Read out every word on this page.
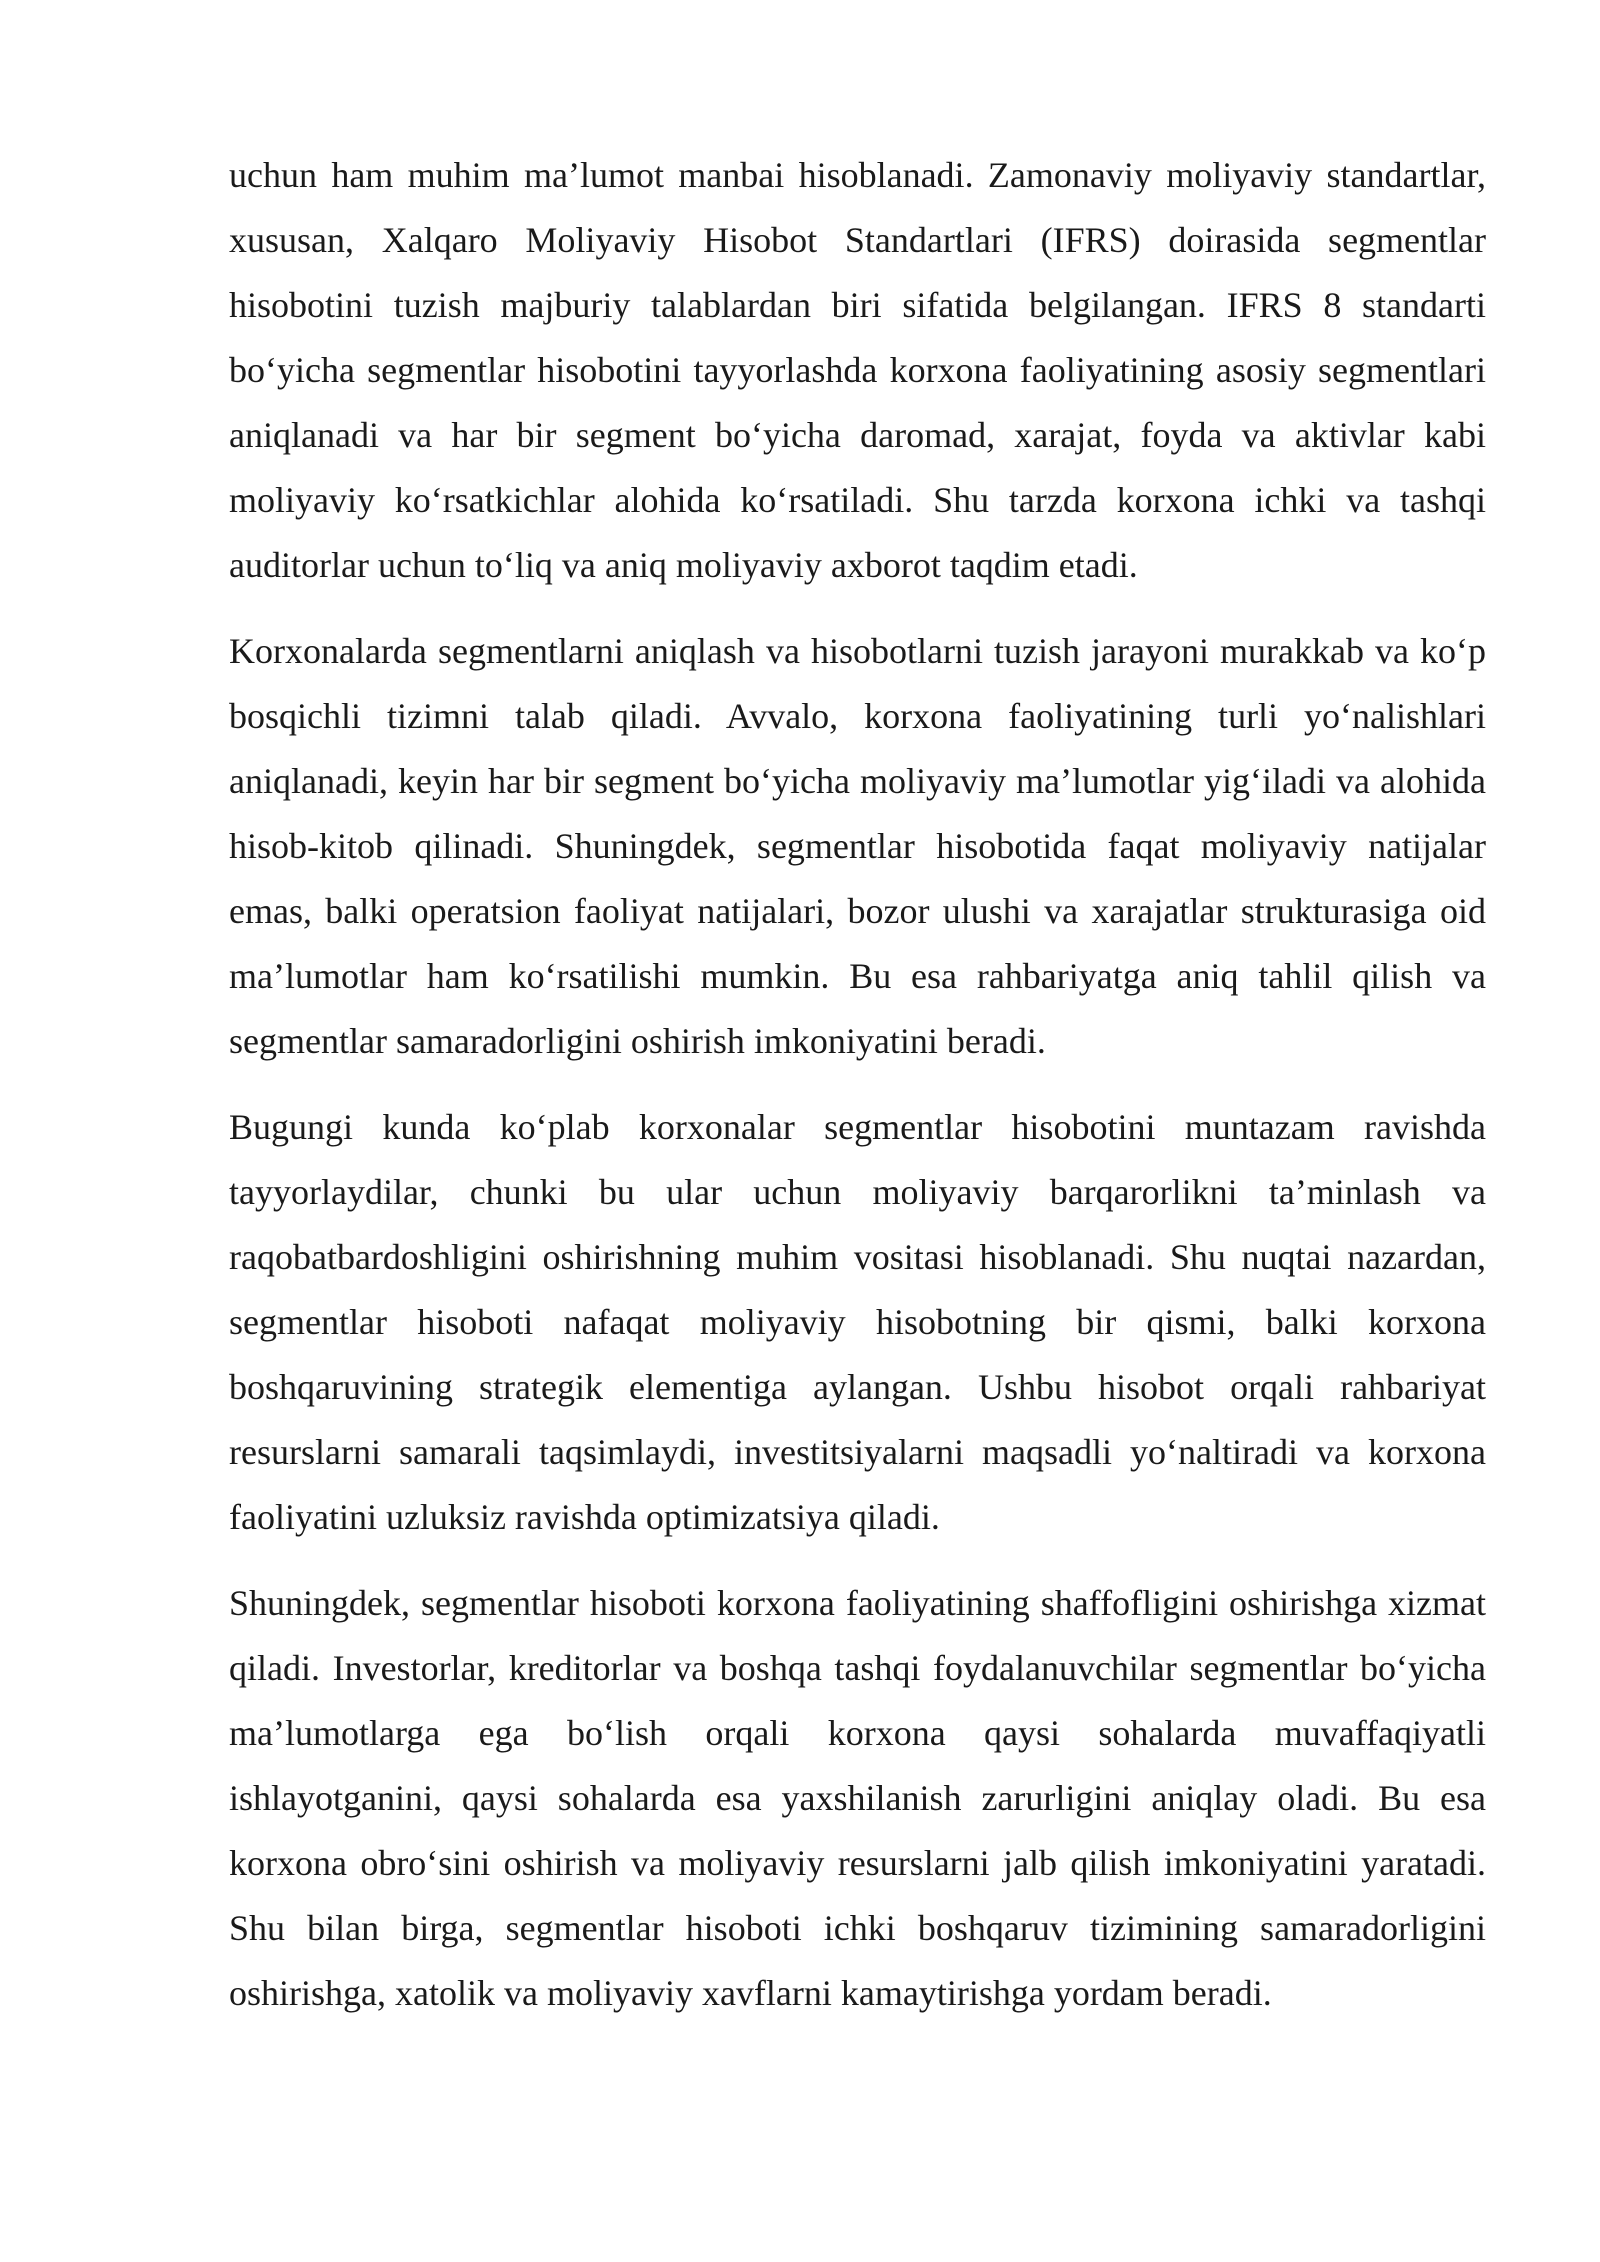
uchun ham muhim ma’lumot manbai hisoblanadi. Zamonaviy moliyaviy standartlar, xususan, Xalqaro Moliyaviy Hisobot Standartlari (IFRS) doirasida segmentlar hisobotini tuzish majburiy talablardan biri sifatida belgilangan. IFRS 8 standarti bo‘yicha segmentlar hisobotini tayyorlashda korxona faoliyatining asosiy segmentlari aniqlanadi va har bir segment bo‘yicha daromad, xarajat, foyda va aktivlar kabi moliyaviy ko‘rsatkichlar alohida ko‘rsatiladi. Shu tarzda korxona ichki va tashqi auditorlar uchun to‘liq va aniq moliyaviy axborot taqdim etadi.

Korxonalarda segmentlarni aniqlash va hisobotlarni tuzish jarayoni murakkab va ko‘p bosqichli tizimni talab qiladi. Avvalo, korxona faoliyatining turli yo‘nalishlari aniqlanadi, keyin har bir segment bo‘yicha moliyaviy ma’lumotlar yig‘iladi va alohida hisob-kitob qilinadi. Shuningdek, segmentlar hisobotida faqat moliyaviy natijalar emas, balki operatsion faoliyat natijalari, bozor ulushi va xarajatlar strukturasiga oid ma’lumotlar ham ko‘rsatilishi mumkin. Bu esa rahbariyatga aniq tahlil qilish va segmentlar samaradorligini oshirish imkoniyatini beradi.

Bugungi kunda ko‘plab korxonalar segmentlar hisobotini muntazam ravishda tayyorlaydilar, chunki bu ular uchun moliyaviy barqarorlikni ta’minlash va raqobatbardoshligini oshirishning muhim vositasi hisoblanadi. Shu nuqtai nazardan, segmentlar hisoboti nafaqat moliyaviy hisobotning bir qismi, balki korxona boshqaruvining strategik elementiga aylangan. Ushbu hisobot orqali rahbariyat resurslarni samarali taqsimlaydi, investitsiyalarni maqsadli yo‘naltiradi va korxona faoliyatini uzluksiz ravishda optimizatsiya qiladi.

Shuningdek, segmentlar hisoboti korxona faoliyatining shaffofligini oshirishga xizmat qiladi. Investorlar, kreditorlar va boshqa tashqi foydalanuvchilar segmentlar bo‘yicha ma’lumotlarga ega bo‘lish orqali korxona qaysi sohalarda muvaffaqiyatli ishlayotganini, qaysi sohalarda esa yaxshilanish zarurligini aniqlay oladi. Bu esa korxona obro‘sini oshirish va moliyaviy resurslarni jalb qilish imkoniyatini yaratadi. Shu bilan birga, segmentlar hisoboti ichki boshqaruv tizimining samaradorligini oshirishga, xatolik va moliyaviy xavflarni kamaytirishga yordam beradi.
